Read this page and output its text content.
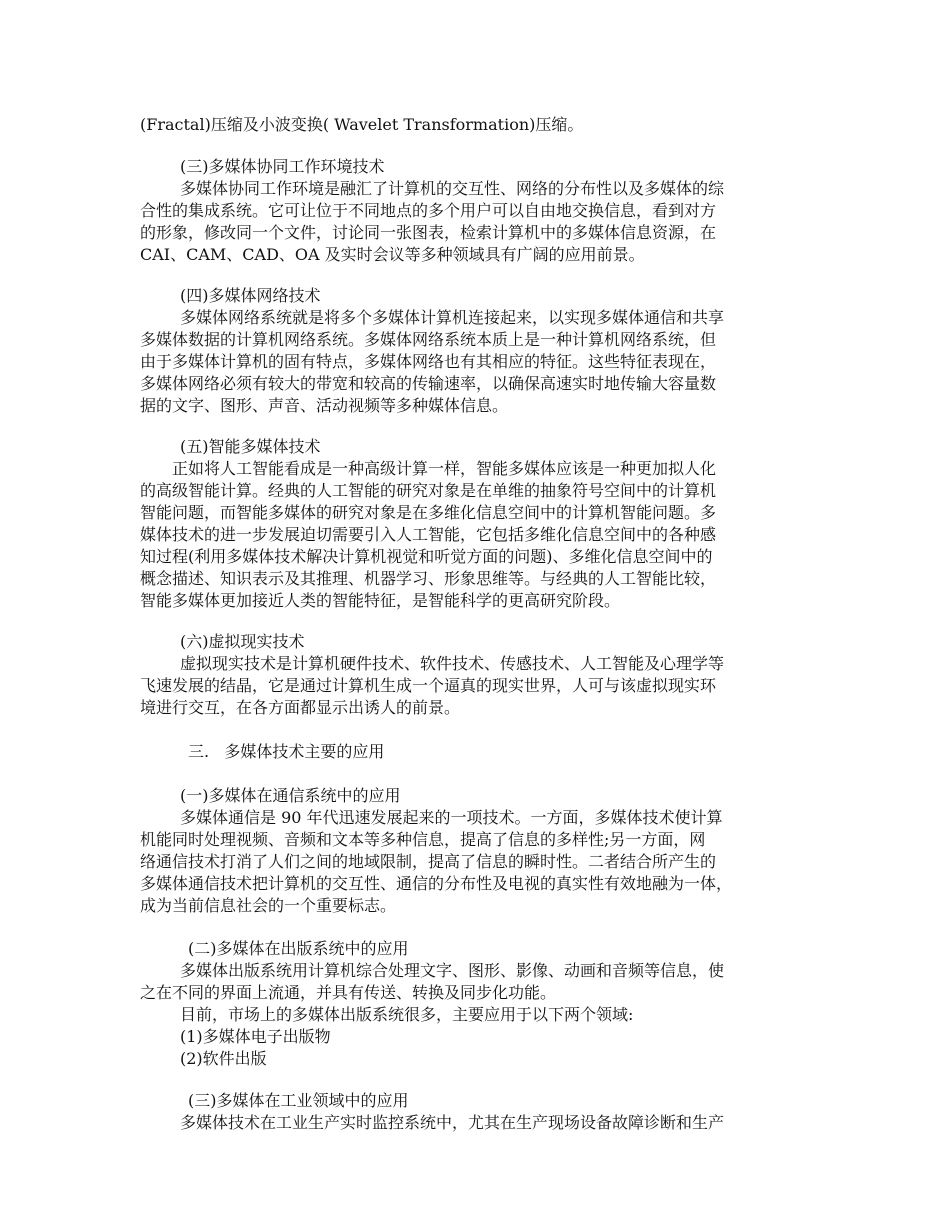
(Fractal)压缩及小波变换( Wavelet Transformation)压缩。
(三)多媒体协同工作环境技术
多媒体协同工作环境是融汇了计算机的交互性、网络的分布性以及多媒体的综
合性的集成系统。它可让位于不同地点的多个用户可以自由地交换信息，看到对方
的形象，修改同一个文件，讨论同一张图表，检索计算机中的多媒体信息资源，在
CAI、CAM、CAD、OA 及实时会议等多种领域具有广阔的应用前景。
(四)多媒体网络技术
多媒体网络系统就是将多个多媒体计算机连接起来，以实现多媒体通信和共享
多媒体数据的计算机网络系统。多媒体网络系统本质上是一种计算机网络系统，但
由于多媒体计算机的固有特点，多媒体网络也有其相应的特征。这些特征表现在，
多媒体网络必须有较大的带宽和较高的传输速率，以确保高速实时地传输大容量数
据的文字、图形、声音、活动视频等多种媒体信息。
(五)智能多媒体技术
正如将人工智能看成是一种高级计算一样，智能多媒体应该是一种更加拟人化
的高级智能计算。经典的人工智能的研究对象是在单维的抽象符号空间中的计算机
智能问题，而智能多媒体的研究对象是在多维化信息空间中的计算机智能问题。多
媒体技术的进一步发展迫切需要引入人工智能，它包括多维化信息空间中的各种感
知过程(利用多媒体技术解决计算机视觉和听觉方面的问题)、多维化信息空间中的
概念描述、知识表示及其推理、机器学习、形象思维等。与经典的人工智能比较，
智能多媒体更加接近人类的智能特征，是智能科学的更高研究阶段。
(六)虚拟现实技术
虚拟现实技术是计算机硬件技术、软件技术、传感技术、人工智能及心理学等
飞速发展的结晶，它是通过计算机生成一个逼真的现实世界，人可与该虚拟现实环
境进行交互，在各方面都显示出诱人的前景。
三.   多媒体技术主要的应用
(一)多媒体在通信系统中的应用
多媒体通信是 90 年代迅速发展起来的一项技术。一方面，多媒体技术使计算
机能同时处理视频、音频和文本等多种信息，提高了信息的多样性;另一方面，网
络通信技术打消了人们之间的地域限制，提高了信息的瞬时性。二者结合所产生的
多媒体通信技术把计算机的交互性、通信的分布性及电视的真实性有效地融为一体，
成为当前信息社会的一个重要标志。
(二)多媒体在出版系统中的应用
多媒体出版系统用计算机综合处理文字、图形、影像、动画和音频等信息，使
之在不同的界面上流通，并具有传送、转换及同步化功能。
目前，市场上的多媒体出版系统很多，主要应用于以下两个领域:
(1)多媒体电子出版物
(2)软件出版
(三)多媒体在工业领域中的应用
多媒体技术在工业生产实时监控系统中，尤其在生产现场设备故障诊断和生产
